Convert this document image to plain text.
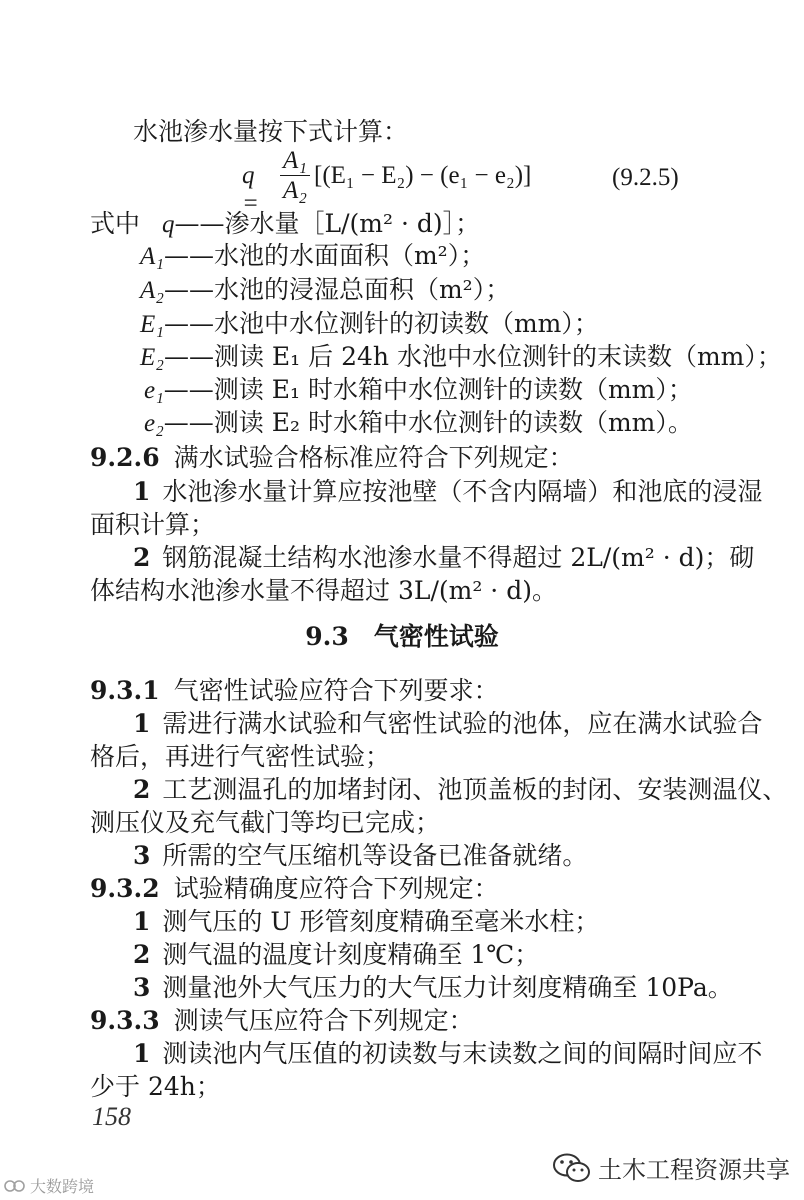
水池渗水量按下式计算：
$q = \frac{\text{A₁}}{\text{A₂}} [(E_1 - E_2) - (e_1 - e_2)]$	(9.2.5)
式中 q——渗水量［L/(m² · d)］；
A₁——水池的水面面积（m²）；
A₂——水池的浸湿总面积（m²）；
E₁——水池中水位测针的初读数（mm）；
E₂——测读 E₁ 后 24h 水池中水位测针的末读数（mm）；
e₁——测读 E₁ 时水箱中水位测针的读数（mm）；
e₂——测读 E₂ 时水箱中水位测针的读数（mm）。
9.2.6 满水试验合格标准应符合下列规定：
1 水池渗水量计算应按池壁（不含内隔墙）和池底的浸湿
面积计算；
2 钢筋混凝土结构水池渗水量不得超过 2L/(m² · d)；砌
体结构水池渗水量不得超过 3L/(m² · d)。
9.3　气密性试验
9.3.1 气密性试验应符合下列要求：
1 需进行满水试验和气密性试验的池体，应在满水试验合
格后，再进行气密性试验；
2 工艺测温孔的加堵封闭、池顶盖板的封闭、安装测温仪、
测压仪及充气截门等均已完成；
3 所需的空气压缩机等设备已准备就绪。
9.3.2 试验精确度应符合下列规定：
1 测气压的 U 形管刻度精确至毫米水柱；
2 测气温的温度计刻度精确至 1℃；
3 测量池外大气压力的大气压力计刻度精确至 10Pa。
9.3.3 测读气压应符合下列规定：
1 测读池内气压值的初读数与末读数之间的间隔时间应不
少于 24h；
158
土木工程资源共享
大数跨境
